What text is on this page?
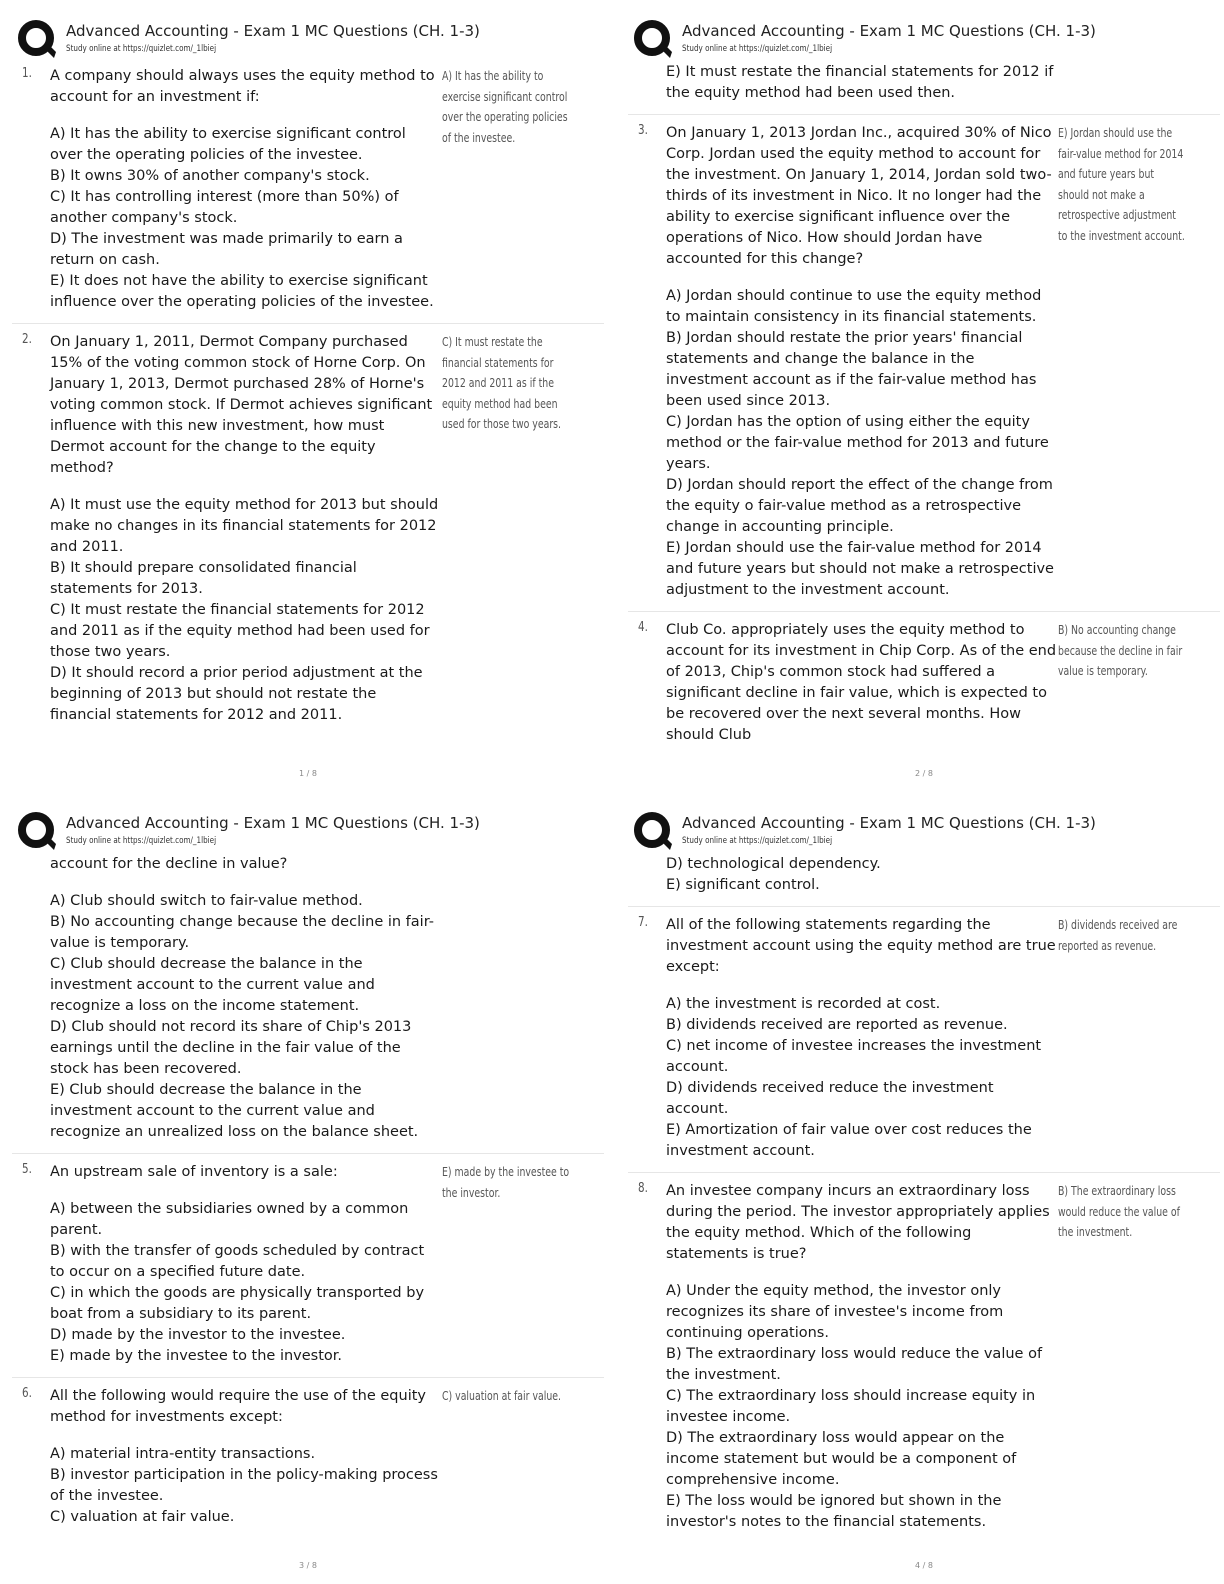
Advanced Accounting - Exam 1 MC Questions (CH. 1-3)
Study online at https://quizlet.com/_1lbiej
1. A company should always uses the equity method to account for an investment if:
A) It has the ability to exercise significant control over the operating policies of the investee.
B) It owns 30% of another company's stock.
C) It has controlling interest (more than 50%) of another company's stock.
D) The investment was made primarily to earn a return on cash.
E) It does not have the ability to exercise significant influence over the operating policies of the investee.
A) It has the ability to exercise significant control over the operating policies of the investee.
2. On January 1, 2011, Dermot Company purchased 15% of the voting common stock of Horne Corp. On January 1, 2013, Dermot purchased 28% of Horne's voting common stock. If Dermot achieves significant influence with this new investment, how must Dermot account for the change to the equity method?
A) It must use the equity method for 2013 but should make no changes in its financial statements for 2012 and 2011.
B) It should prepare consolidated financial statements for 2013.
C) It must restate the financial statements for 2012 and 2011 as if the equity method had been used for those two years.
D) It should record a prior period adjustment at the beginning of 2013 but should not restate the financial statements for 2012 and 2011.
C) It must restate the financial statements for 2012 and 2011 as if the equity method had been used for those two years.
1 / 8
Advanced Accounting - Exam 1 MC Questions (CH. 1-3)
Study online at https://quizlet.com/_1lbiej
E) It must restate the financial statements for 2012 if the equity method had been used then.
3. On January 1, 2013 Jordan Inc., acquired 30% of Nico Corp. Jordan used the equity method to account for the investment. On January 1, 2014, Jordan sold two-thirds of its investment in Nico. It no longer had the ability to exercise significant influence over the operations of Nico. How should Jordan have accounted for this change?
A) Jordan should continue to use the equity method to maintain consistency in its financial statements.
B) Jordan should restate the prior years' financial statements and change the balance in the investment account as if the fair-value method has been used since 2013.
C) Jordan has the option of using either the equity method or the fair-value method for 2013 and future years.
D) Jordan should report the effect of the change from the equity o fair-value method as a retrospective change in accounting principle.
E) Jordan should use the fair-value method for 2014 and future years but should not make a retrospective adjustment to the investment account.
E) Jordan should use the fair-value method for 2014 and future years but should not make a retrospective adjustment to the investment account.
4. Club Co. appropriately uses the equity method to account for its investment in Chip Corp. As of the end of 2013, Chip's common stock had suffered a significant decline in fair value, which is expected to be recovered over the next several months. How should Club
B) No accounting change because the decline in fair value is temporary.
2 / 8
Advanced Accounting - Exam 1 MC Questions (CH. 1-3)
Study online at https://quizlet.com/_1lbiej
account for the decline in value?
A) Club should switch to fair-value method.
B) No accounting change because the decline in fair-value is temporary.
C) Club should decrease the balance in the investment account to the current value and recognize a loss on the income statement.
D) Club should not record its share of Chip's 2013 earnings until the decline in the fair value of the stock has been recovered.
E) Club should decrease the balance in the investment account to the current value and recognize an unrealized loss on the balance sheet.
5. An upstream sale of inventory is a sale:
A) between the subsidiaries owned by a common parent.
B) with the transfer of goods scheduled by contract to occur on a specified future date.
C) in which the goods are physically transported by boat from a subsidiary to its parent.
D) made by the investor to the investee.
E) made by the investee to the investor.
E) made by the investee to the investor.
6. All the following would require the use of the equity method for investments except:
A) material intra-entity transactions.
B) investor participation in the policy-making process of the investee.
C) valuation at fair value.
C) valuation at fair value.
3 / 8
Advanced Accounting - Exam 1 MC Questions (CH. 1-3)
Study online at https://quizlet.com/_1lbiej
D) technological dependency.
E) significant control.
7. All of the following statements regarding the investment account using the equity method are true except:
A) the investment is recorded at cost.
B) dividends received are reported as revenue.
C) net income of investee increases the investment account.
D) dividends received reduce the investment account.
E) Amortization of fair value over cost reduces the investment account.
B) dividends received are reported as revenue.
8. An investee company incurs an extraordinary loss during the period. The investor appropriately applies the equity method. Which of the following statements is true?
A) Under the equity method, the investor only recognizes its share of investee's income from continuing operations.
B) The extraordinary loss would reduce the value of the investment.
C) The extraordinary loss should increase equity in investee income.
D) The extraordinary loss would appear on the income statement but would be a component of comprehensive income.
E) The loss would be ignored but shown in the investor's notes to the financial statements.
B) The extraordinary loss would reduce the value of the investment.
4 / 8
